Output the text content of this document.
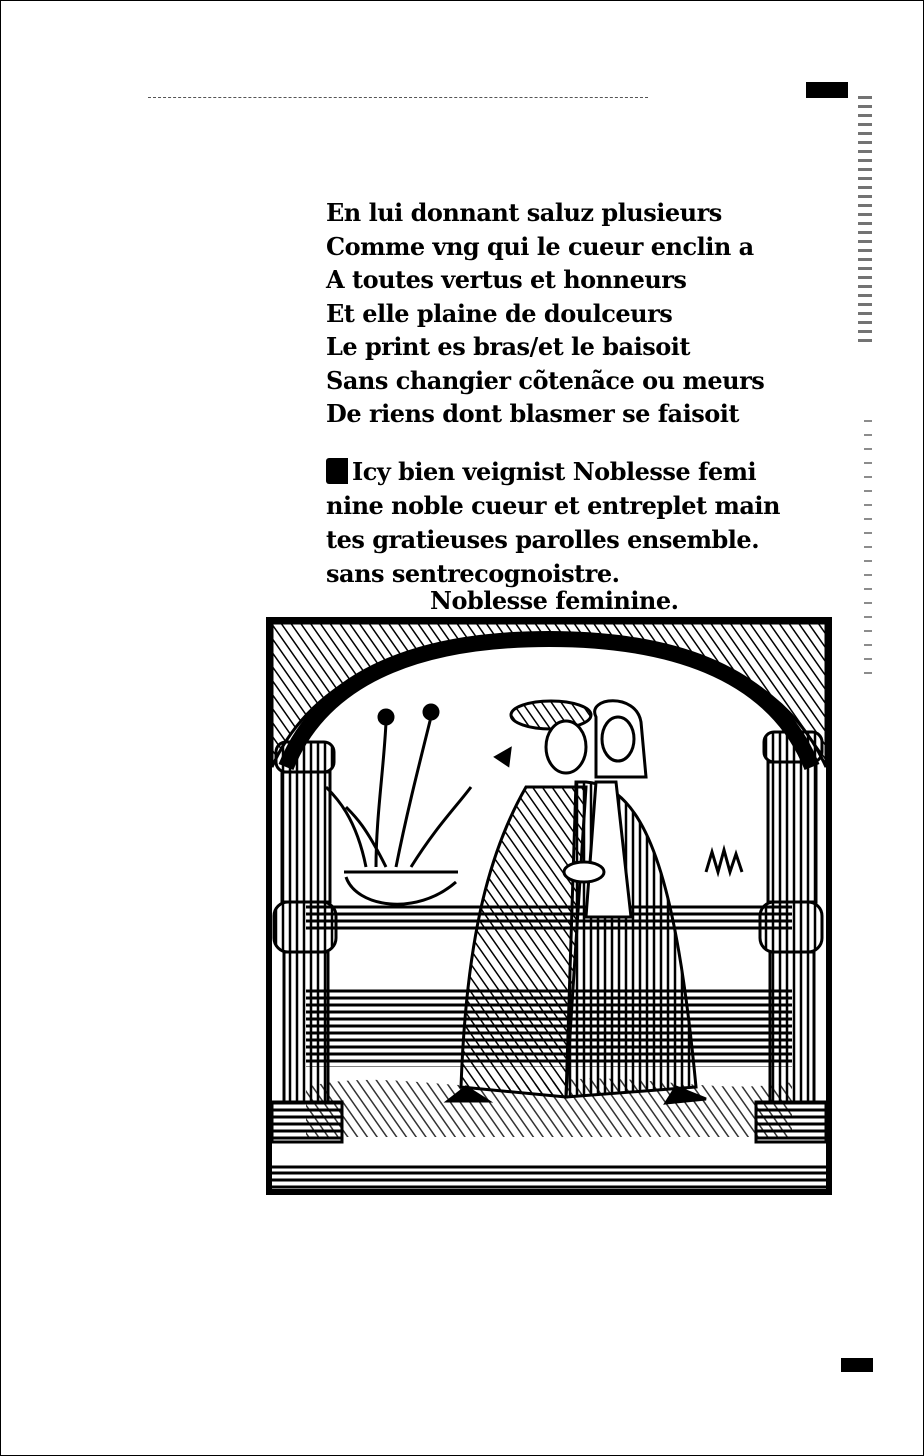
En lui donnant saluz plusieurs
Comme vng qui le cueur enclin a
A toutes vertus et honneurs
Et elle plaine de doulceurs
Le print es bras/et le baisoit
Sans changier cõtenãce ou meurs
De riens dont blasmer se faisoit
Icy bien veignist Noblesse femi
nine noble cueur et entreplet main
tes gratieuses parolles ensemble.
sans sentrecognoistre.
Noblesse feminine.
